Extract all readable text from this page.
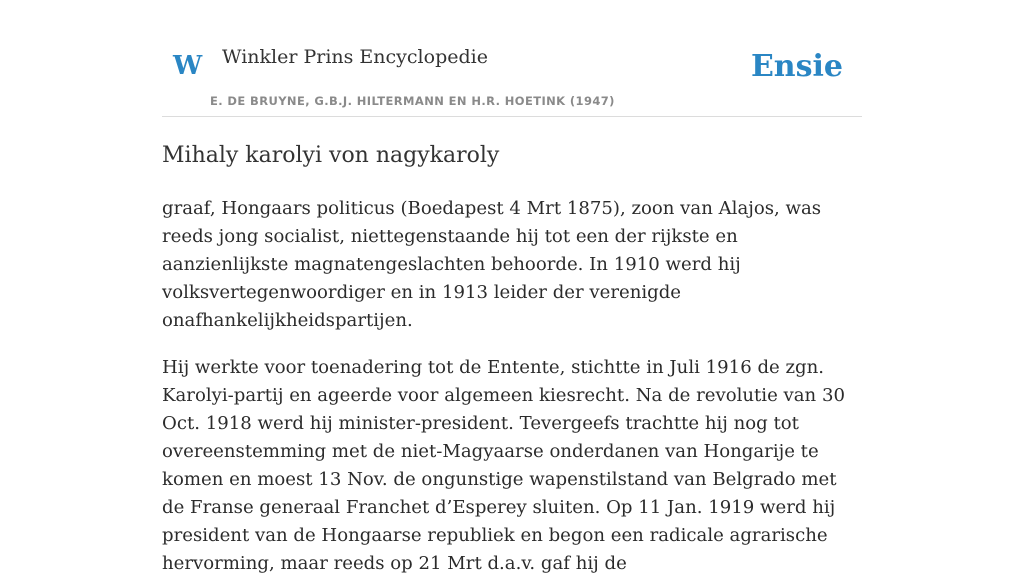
W Winkler Prins Encyclopedie
E. DE BRUYNE, G.B.J. HILTERMANN EN H.R. HOETINK (1947)
Ensie
Mihaly karolyi von nagykaroly

graaf, Hongaars politicus (Boedapest 4 Mrt 1875), zoon van Alajos, was reeds jong socialist, niettegenstaande hij tot een der rijkste en aanzienlijkste magnatengeslachten behoorde. In 1910 werd hij volksvertegenwoordiger en in 1913 leider der verenigde onafhankelijkheidspartijen.

Hij werkte voor toenadering tot de Entente, stichtte in Juli 1916 de zgn. Karolyi-partij en ageerde voor algemeen kiesrecht. Na de revolutie van 30 Oct. 1918 werd hij minister-president. Tevergeefs trachtte hij nog tot overeenstemming met de niet-Magyaarse onderdanen van Hongarije te komen en moest 13 Nov. de ongunstige wapenstilstand van Belgrado met de Franse generaal Franchet d’Esperey sluiten. Op 11 Jan. 1919 werd hij president van de Hongaarse republiek en begon een radicale agrarische hervorming, maar reeds op 21 Mrt d.a.v. gaf hij de
